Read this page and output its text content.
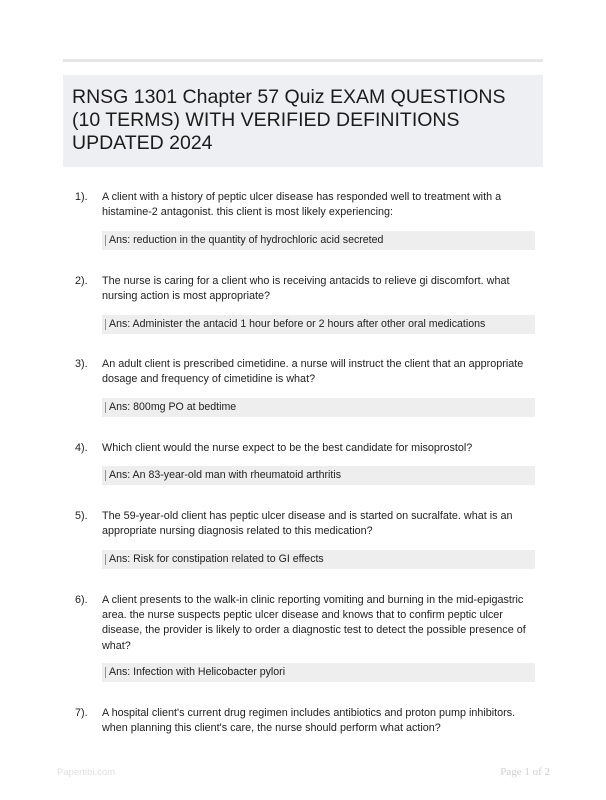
RNSG 1301 Chapter 57 Quiz EXAM QUESTIONS (10 TERMS) WITH VERIFIED DEFINITIONS UPDATED 2024
1). A client with a history of peptic ulcer disease has responded well to treatment with a histamine-2 antagonist. this client is most likely experiencing:
Ans: reduction in the quantity of hydrochloric acid secreted
2). The nurse is caring for a client who is receiving antacids to relieve gi discomfort. what nursing action is most appropriate?
Ans: Administer the antacid 1 hour before or 2 hours after other oral medications
3). An adult client is prescribed cimetidine. a nurse will instruct the client that an appropriate dosage and frequency of cimetidine is what?
Ans: 800mg PO at bedtime
4). Which client would the nurse expect to be the best candidate for misoprostol?
Ans: An 83-year-old man with rheumatoid arthritis
5). The 59-year-old client has peptic ulcer disease and is started on sucralfate. what is an appropriate nursing diagnosis related to this medication?
Ans: Risk for constipation related to GI effects
6). A client presents to the walk-in clinic reporting vomiting and burning in the mid-epigastric area. the nurse suspects peptic ulcer disease and knows that to confirm peptic ulcer disease, the provider is likely to order a diagnostic test to detect the possible presence of what?
Ans: Infection with Helicobacter pylori
7). A hospital client's current drug regimen includes antibiotics and proton pump inhibitors. when planning this client's care, the nurse should perform what action?
Papertibi.com	Page 1 of 2
